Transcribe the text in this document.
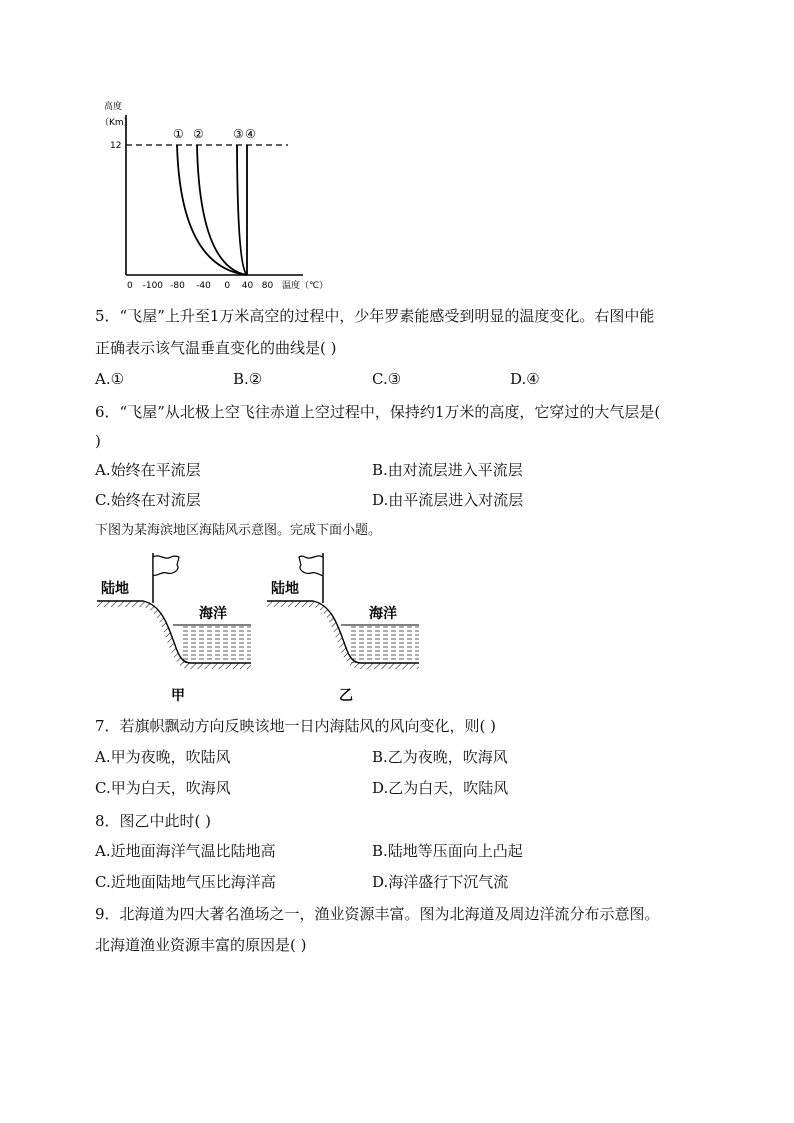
高度
（Km）
12
0 -100 -80 -40 0 40 80 温度（℃）
① ② ③ ④
5．“飞屋”上升至1万米高空的过程中，少年罗素能感受到明显的温度变化。右图中能
正确表示该气温垂直变化的曲线是( )
A.①	B.②	C.③	D.④
6．“飞屋”从北极上空飞往赤道上空过程中，保持约1万米的高度，它穿过的大气层是(
)
A.始终在平流层	B.由对流层进入平流层
C.始终在对流层	D.由平流层进入对流层
下图为某海滨地区海陆风示意图。完成下面小题。
陆地
海洋
甲
陆地
海洋
乙
7．若旗帜飘动方向反映该地一日内海陆风的风向变化，则( )
A.甲为夜晚，吹陆风	B.乙为夜晚，吹海风
C.甲为白天，吹海风	D.乙为白天，吹陆风
8．图乙中此时( )
A.近地面海洋气温比陆地高	B.陆地等压面向上凸起
C.近地面陆地气压比海洋高	D.海洋盛行下沉气流
9．北海道为四大著名渔场之一，渔业资源丰富。图为北海道及周边洋流分布示意图。
北海道渔业资源丰富的原因是( )
